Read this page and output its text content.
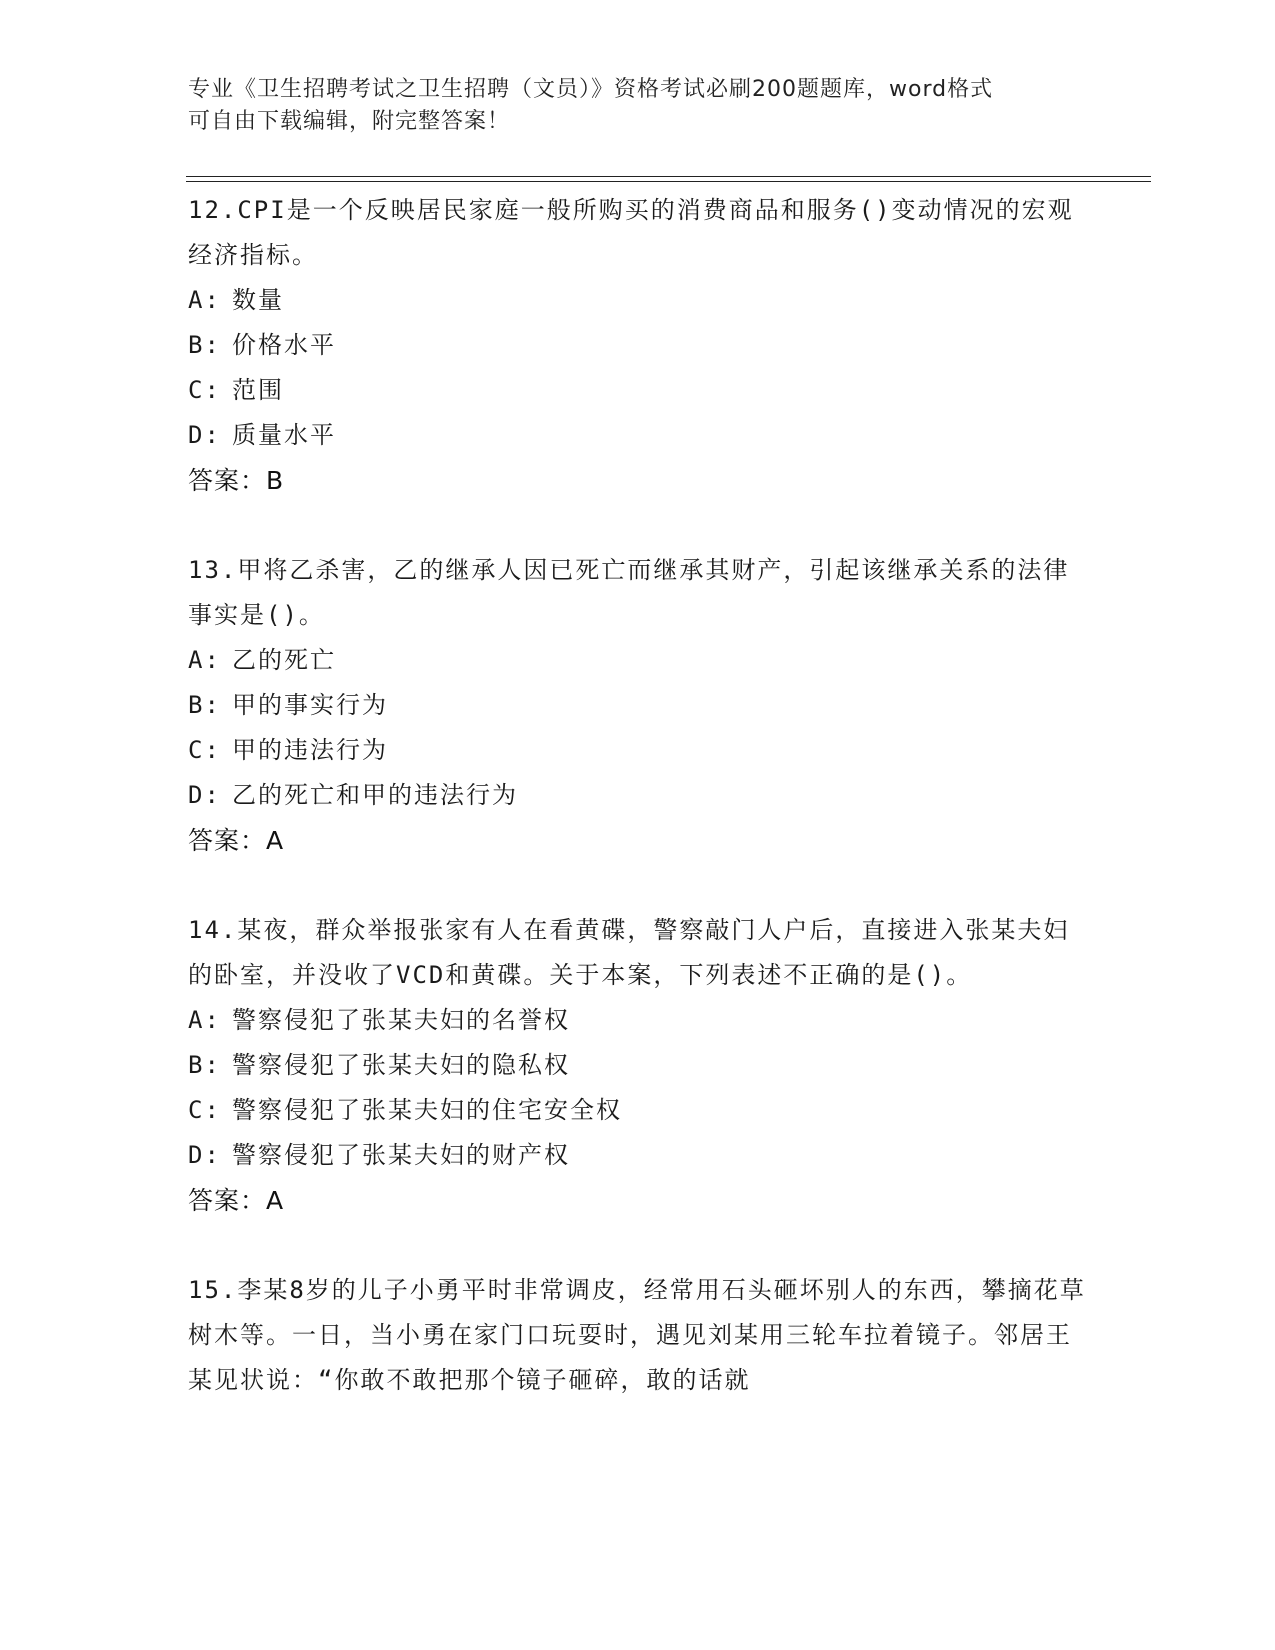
专业《卫生招聘考试之卫生招聘（文员）》资格考试必刷200题题库，word格式
可自由下载编辑，附完整答案！
12.CPI是一个反映居民家庭一般所购买的消费商品和服务()变动情况的宏观经济指标。
A: 数量
B: 价格水平
C: 范围
D: 质量水平
答案：B
13.甲将乙杀害，乙的继承人因已死亡而继承其财产，引起该继承关系的法律事实是()。
A: 乙的死亡
B: 甲的事实行为
C: 甲的违法行为
D: 乙的死亡和甲的违法行为
答案：A
14.某夜，群众举报张家有人在看黄碟，警察敲门人户后，直接进入张某夫妇的卧室，并没收了VCD和黄碟。关于本案，下列表述不正确的是()。
A: 警察侵犯了张某夫妇的名誉权
B: 警察侵犯了张某夫妇的隐私权
C: 警察侵犯了张某夫妇的住宅安全权
D: 警察侵犯了张某夫妇的财产权
答案：A
15.李某8岁的儿子小勇平时非常调皮，经常用石头砸坏别人的东西，攀摘花草树木等。一日，当小勇在家门口玩耍时，遇见刘某用三轮车拉着镜子。邻居王某见状说：“你敢不敢把那个镜子砸碎，敢的话就
